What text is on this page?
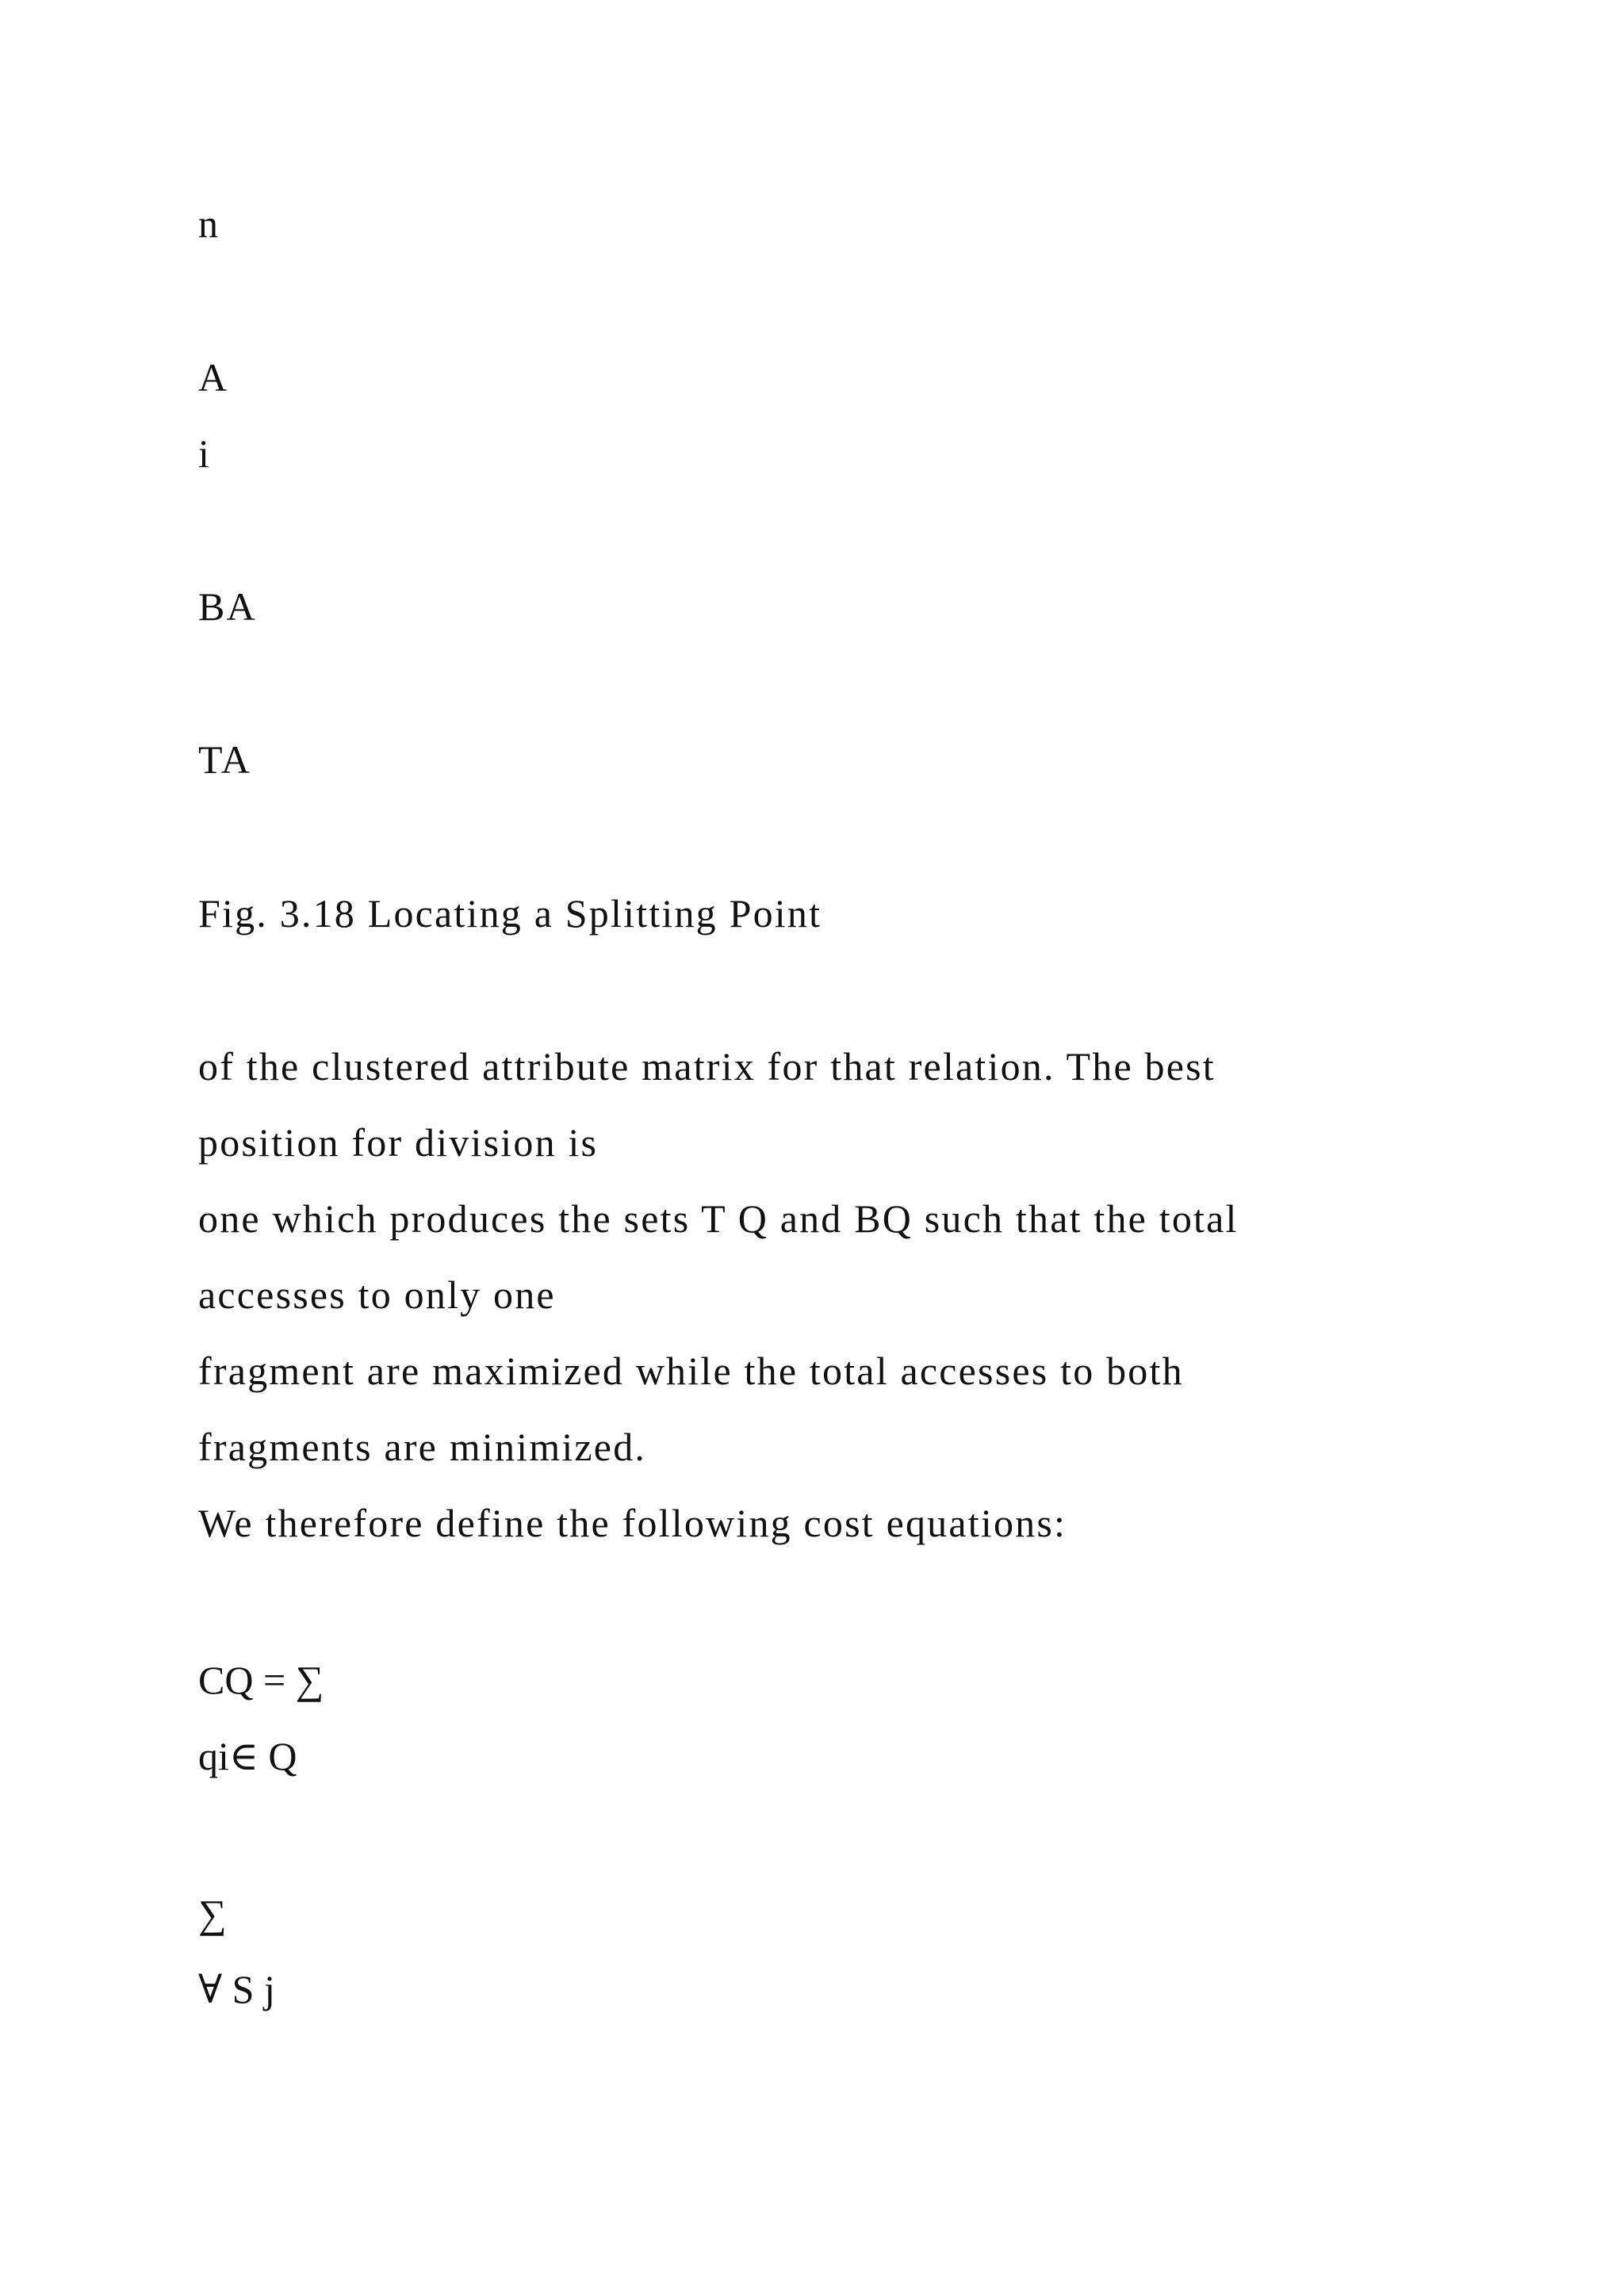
n
A
i
BA
TA
Fig. 3.18 Locating a Splitting Point
of the clustered attribute matrix for that relation. The best
position for division is
one which produces the sets T Q and BQ such that the total
accesses to only one
fragment are maximized while the total accesses to both
fragments are minimized.
We therefore define the following cost equations:
CQ = ∑
qi∈ Q
∑
∀ S j
